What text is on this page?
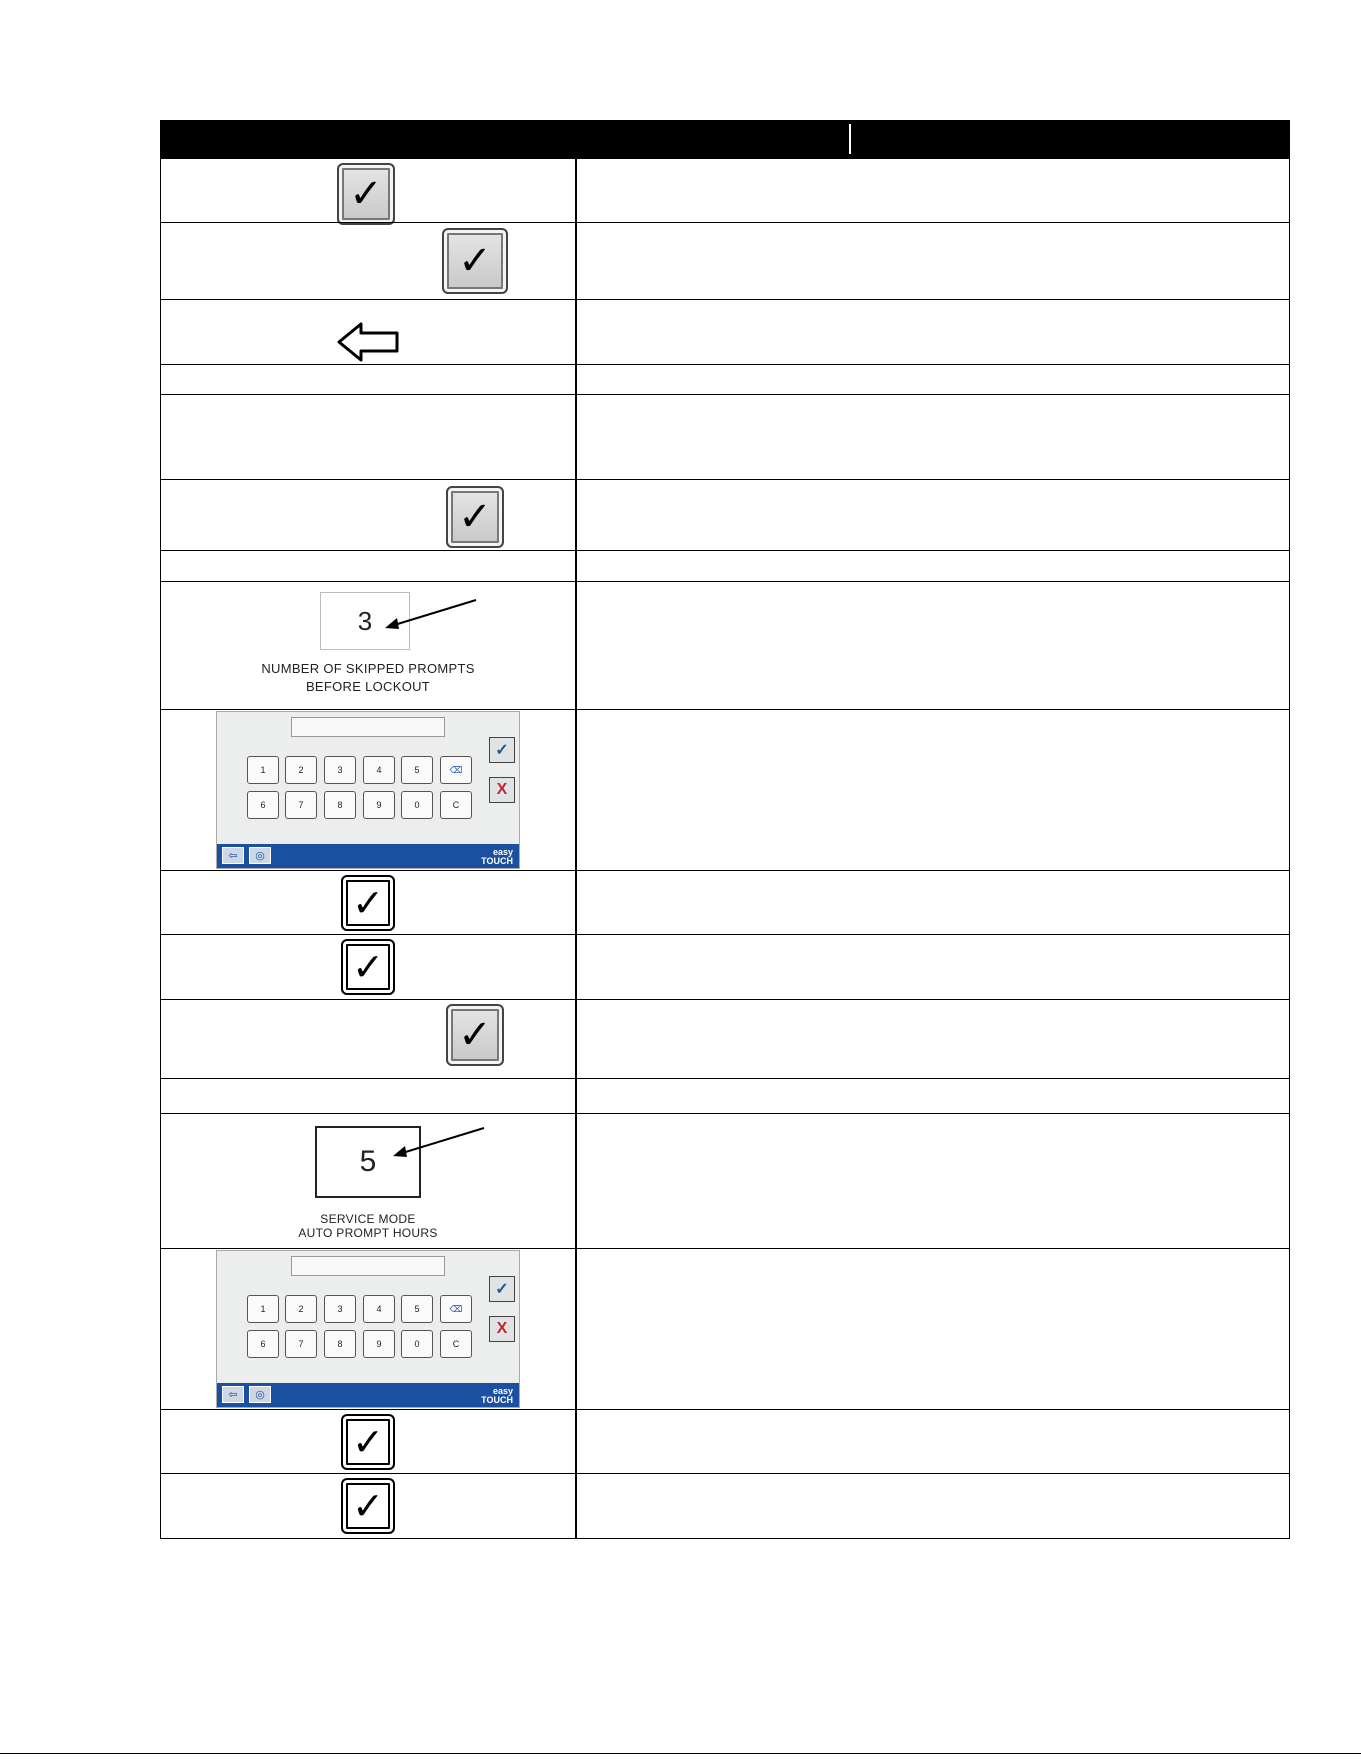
✓
✓
✓
3
NUMBER OF SKIPPED PROMPTS
BEFORE LOCKOUT
1	2	3	4	5	⌫
6	7	8	9	0	C
✓
X
⇦	◎	easy
TOUCH
✓
✓
✓
5
SERVICE MODE
AUTO PROMPT HOURS
1	2	3	4	5	⌫
6	7	8	9	0	C
✓
X
⇦	◎	easy
TOUCH
✓
✓
